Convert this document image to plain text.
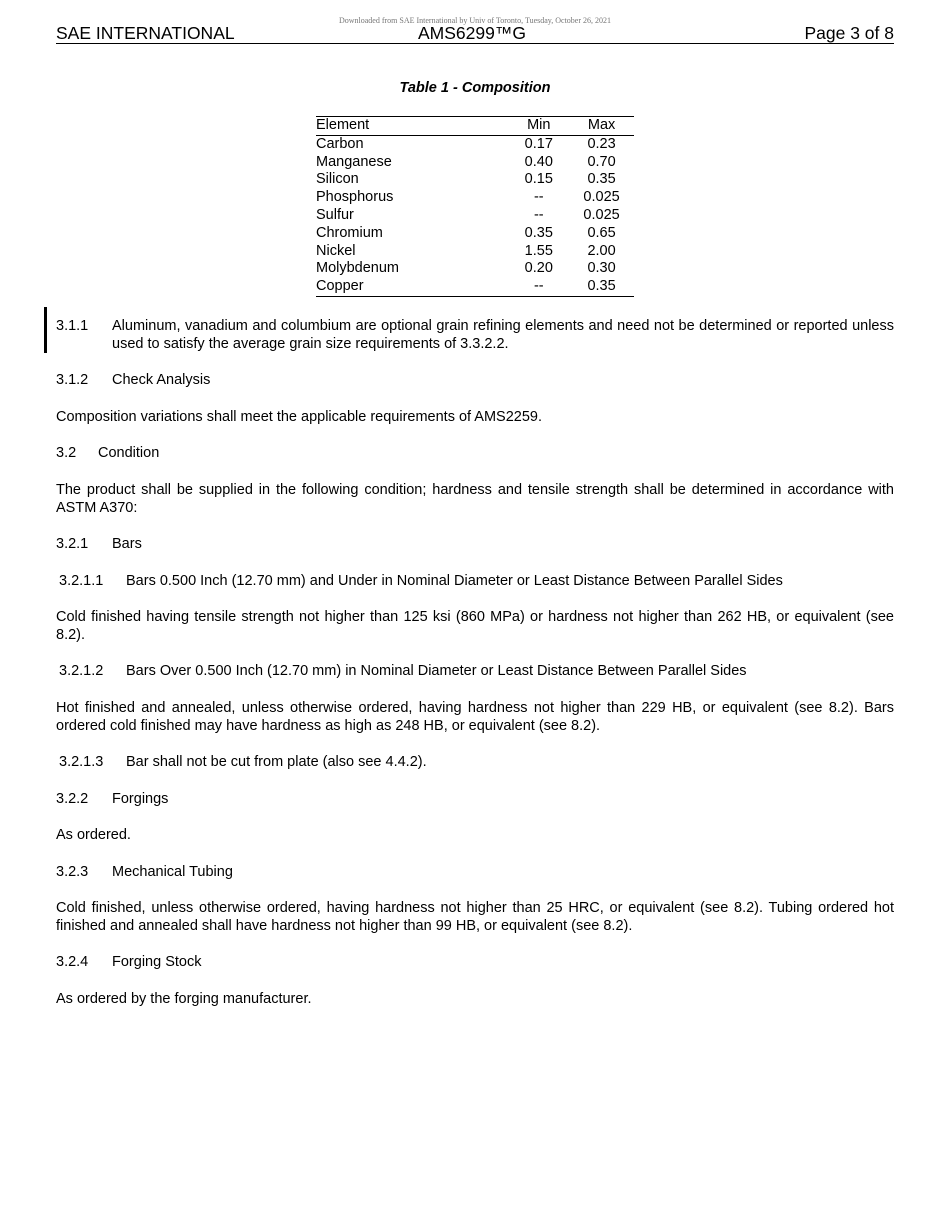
Downloaded from SAE International by Univ of Toronto, Tuesday, October 26, 2021
SAE INTERNATIONAL	AMS6299™G	Page 3 of 8
Table 1 - Composition
Element	Min	Max
Carbon	0.17	0.23
Manganese	0.40	0.70
Silicon	0.15	0.35
Phosphorus	--	0.025
Sulfur	--	0.025
Chromium	0.35	0.65
Nickel	1.55	2.00
Molybdenum	0.20	0.30
Copper	--	0.35
3.1.1 Aluminum, vanadium and columbium are optional grain refining elements and need not be determined or reported unless used to satisfy the average grain size requirements of 3.3.2.2.
3.1.2 Check Analysis
Composition variations shall meet the applicable requirements of AMS2259.
3.2 Condition
The product shall be supplied in the following condition; hardness and tensile strength shall be determined in accordance with ASTM A370:
3.2.1 Bars
3.2.1.1 Bars 0.500 Inch (12.70 mm) and Under in Nominal Diameter or Least Distance Between Parallel Sides
Cold finished having tensile strength not higher than 125 ksi (860 MPa) or hardness not higher than 262 HB, or equivalent (see 8.2).
3.2.1.2 Bars Over 0.500 Inch (12.70 mm) in Nominal Diameter or Least Distance Between Parallel Sides
Hot finished and annealed, unless otherwise ordered, having hardness not higher than 229 HB, or equivalent (see 8.2). Bars ordered cold finished may have hardness as high as 248 HB, or equivalent (see 8.2).
3.2.1.3 Bar shall not be cut from plate (also see 4.4.2).
3.2.2 Forgings
As ordered.
3.2.3 Mechanical Tubing
Cold finished, unless otherwise ordered, having hardness not higher than 25 HRC, or equivalent (see 8.2). Tubing ordered hot finished and annealed shall have hardness not higher than 99 HB, or equivalent (see 8.2).
3.2.4 Forging Stock
As ordered by the forging manufacturer.
